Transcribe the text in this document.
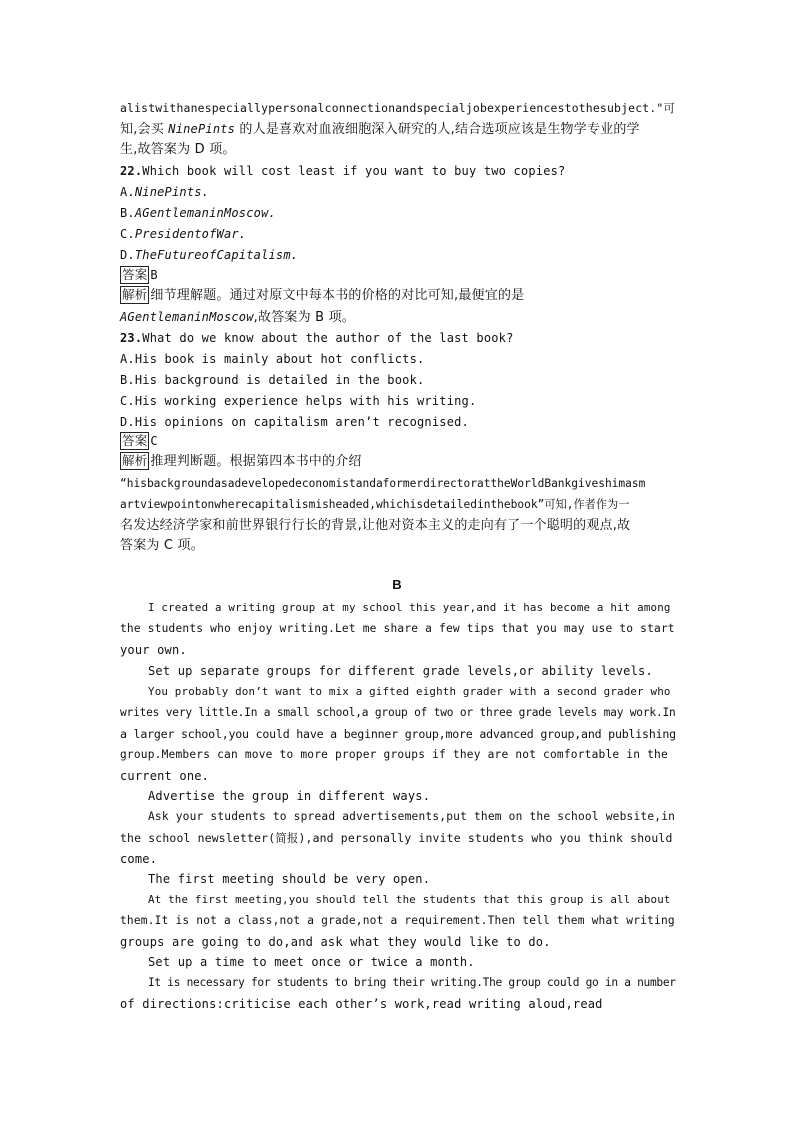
alistwithanespeciallypersonalconnectionandspecialjobexperiencestothesubject."可
知,会买 NinePints 的人是喜欢对血液细胞深入研究的人,结合选项应该是生物学专业的学
生,故答案为 D 项。
22.Which book will cost least if you want to buy two copies?
A.NinePints.
B.AGentlemaninMoscow.
C.PresidentofWar.
D.TheFutureofCapitalism.
答案 B
解析 细节理解题。通过对原文中每本书的价格的对比可知,最便宜的是
AGentlemaninMoscow,故答案为 B 项。
23.What do we know about the author of the last book?
A.His book is mainly about hot conflicts.
B.His background is detailed in the book.
C.His working experience helps with his writing.
D.His opinions on capitalism aren’t recognised.
答案 C
解析 推理判断题。根据第四本书中的介绍
“hisbackgroundasadevelopedeconomistandaformerdirectorattheWorldBankgiveshimasm
artviewpointonwherecapitalismisheaded,whichisdetailedinthebook”可知,作者作为一
名发达经济学家和前世界银行行长的背景,让他对资本主义的走向有了一个聪明的观点,故
答案为 C 项。
B
I created a writing group at my school this year,and it has become a hit among
the students who enjoy writing.Let me share a few tips that you may use to start
your own.
Set up separate groups for different grade levels,or ability levels.
You probably don’t want to mix a gifted eighth grader with a second grader who
writes very little.In a small school,a group of two or three grade levels may work.In
a larger school,you could have a beginner group,more advanced group,and publishing
group.Members can move to more proper groups if they are not comfortable in the
current one.
Advertise the group in different ways.
Ask your students to spread advertisements,put them on the school website,in
the school newsletter(简报),and personally invite students who you think should
come.
The first meeting should be very open.
At the first meeting,you should tell the students that this group is all about
them.It is not a class,not a grade,not a requirement.Then tell them what writing
groups are going to do,and ask what they would like to do.
Set up a time to meet once or twice a month.
It is necessary for students to bring their writing.The group could go in a number
of directions:criticise each other’s work,read writing aloud,read
